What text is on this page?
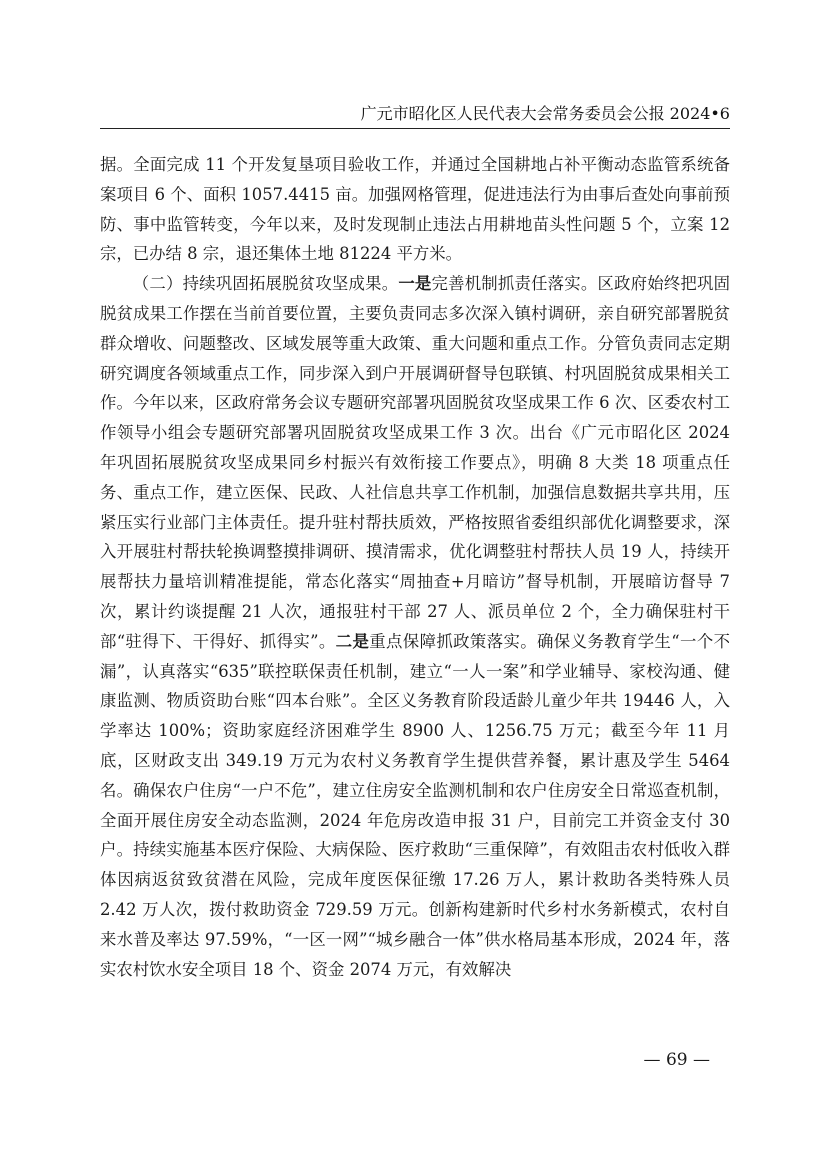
广元市昭化区人民代表大会常务委员会公报 2024•6

据。全面完成 11 个开发复垦项目验收工作，并通过全国耕地占补平衡动态监管系统备案项目 6 个、面积 1057.4415 亩。加强网格管理，促进违法行为由事后查处向事前预防、事中监管转变，今年以来，及时发现制止违法占用耕地苗头性问题 5 个，立案 12 宗，已办结 8 宗，退还集体土地 81224 平方米。

（二）持续巩固拓展脱贫攻坚成果。一是完善机制抓责任落实。区政府始终把巩固脱贫成果工作摆在当前首要位置，主要负责同志多次深入镇村调研，亲自研究部署脱贫群众增收、问题整改、区域发展等重大政策、重大问题和重点工作。分管负责同志定期研究调度各领域重点工作，同步深入到户开展调研督导包联镇、村巩固脱贫成果相关工作。今年以来，区政府常务会议专题研究部署巩固脱贫攻坚成果工作 6 次、区委农村工作领导小组会专题研究部署巩固脱贫攻坚成果工作 3 次。出台《广元市昭化区 2024 年巩固拓展脱贫攻坚成果同乡村振兴有效衔接工作要点》，明确 8 大类 18 项重点任务、重点工作，建立医保、民政、人社信息共享工作机制，加强信息数据共享共用，压紧压实行业部门主体责任。提升驻村帮扶质效，严格按照省委组织部优化调整要求，深入开展驻村帮扶轮换调整摸排调研、摸清需求，优化调整驻村帮扶人员 19 人，持续开展帮扶力量培训精准提能，常态化落实“周抽查+月暗访”督导机制，开展暗访督导 7 次，累计约谈提醒 21 人次，通报驻村干部 27 人、派员单位 2 个，全力确保驻村干部“驻得下、干得好、抓得实”。二是重点保障抓政策落实。确保义务教育学生“一个不漏”，认真落实“635”联控联保责任机制，建立“一人一案”和学业辅导、家校沟通、健康监测、物质资助台账“四本台账”。全区义务教育阶段适龄儿童少年共 19446 人，入学率达 100%；资助家庭经济困难学生 8900 人、1256.75 万元；截至今年 11 月底，区财政支出 349.19 万元为农村义务教育学生提供营养餐，累计惠及学生 5464 名。确保农户住房“一户不危”，建立住房安全监测机制和农户住房安全日常巡查机制，全面开展住房安全动态监测，2024 年危房改造申报 31 户，目前完工并资金支付 30 户。持续实施基本医疗保险、大病保险、医疗救助“三重保障”，有效阻击农村低收入群体因病返贫致贫潜在风险，完成年度医保征缴 17.26 万人，累计救助各类特殊人员 2.42 万人次，拨付救助资金 729.59 万元。创新构建新时代乡村水务新模式，农村自来水普及率达 97.59%，“一区一网”“城乡融合一体”供水格局基本形成，2024 年，落实农村饮水安全项目 18 个、资金 2074 万元，有效解决

— 69 —
